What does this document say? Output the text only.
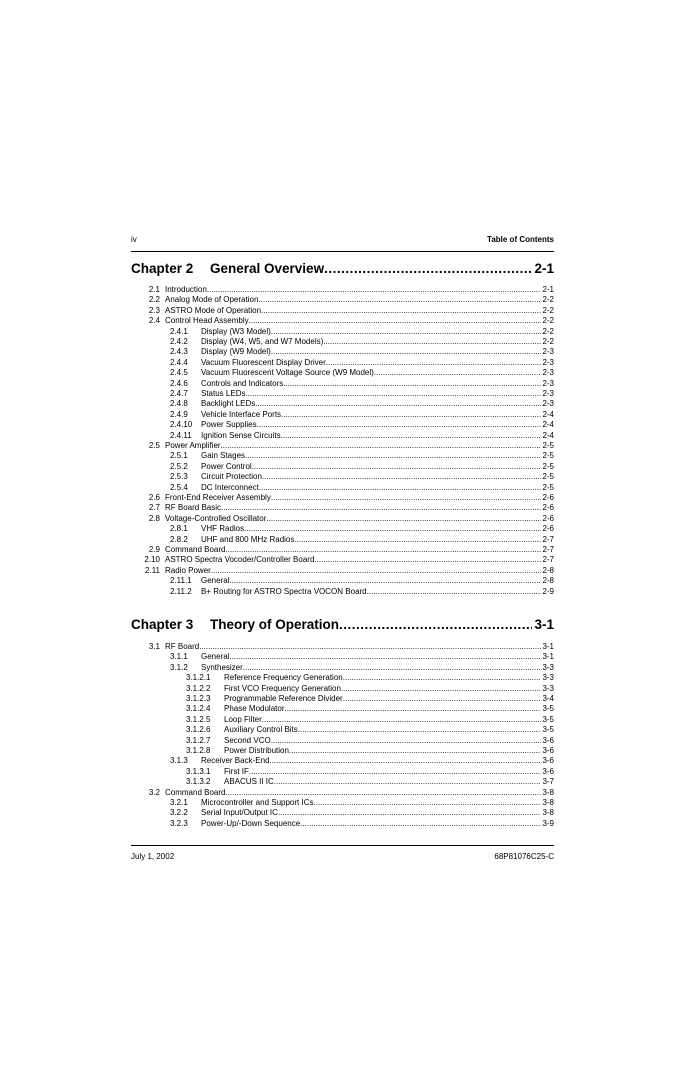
iv	Table of Contents
Chapter 2	General Overview .....	2-1
2.1 Introduction .....	2-1
2.2 Analog Mode of Operation .....	2-2
2.3 ASTRO Mode of Operation .....	2-2
2.4 Control Head Assembly .....	2-2
2.4.1	Display (W3 Model) .....	2-2
2.4.2	Display (W4, W5, and W7 Models) .....	2-2
2.4.3	Display (W9 Model) .....	2-3
2.4.4	Vacuum Fluorescent Display Driver .....	2-3
2.4.5	Vacuum Fluorescent Voltage Source (W9 Model) .....	2-3
2.4.6	Controls and Indicators .....	2-3
2.4.7	Status LEDs .....	2-3
2.4.8	Backlight LEDs .....	2-3
2.4.9	Vehicle Interface Ports .....	2-4
2.4.10	Power Supplies .....	2-4
2.4.11	Ignition Sense Circuits .....	2-4
2.5 Power Amplifier .....	2-5
2.5.1	Gain Stages .....	2-5
2.5.2	Power Control .....	2-5
2.5.3	Circuit Protection .....	2-5
2.5.4	DC Interconnect .....	2-5
2.6 Front-End Receiver Assembly .....	2-6
2.7 RF Board Basic .....	2-6
2.8 Voltage-Controlled Oscillator .....	2-6
2.8.1	VHF Radios .....	2-6
2.8.2	UHF and 800 MHz Radios .....	2-7
2.9 Command Board .....	2-7
2.10 ASTRO Spectra Vocoder/Controller Board .....	2-7
2.11 Radio Power .....	2-8
2.11.1	General .....	2-8
2.11.2	B+ Routing for ASTRO Spectra VOCON Board .....	2-9
Chapter 3	Theory of Operation .....	3-1
3.1 RF Board .....	3-1
3.1.1	General .....	3-1
3.1.2	Synthesizer .....	3-3
3.1.2.1	Reference Frequency Generation .....	3-3
3.1.2.2	First VCO Frequency Generation .....	3-3
3.1.2.3	Programmable Reference Divider .....	3-4
3.1.2.4	Phase Modulator .....	3-5
3.1.2.5	Loop Filter .....	3-5
3.1.2.6	Auxiliary Control Bits .....	3-5
3.1.2.7	Second VCO .....	3-6
3.1.2.8	Power Distribution .....	3-6
3.1.3	Receiver Back-End .....	3-6
3.1.3.1	First IF .....	3-6
3.1.3.2	ABACUS II IC .....	3-7
3.2 Command Board .....	3-8
3.2.1	Microcontroller and Support ICs .....	3-8
3.2.2	Serial Input/Output IC .....	3-8
3.2.3	Power-Up/-Down Sequence .....	3-9
July 1, 2002	68P81076C25-C
